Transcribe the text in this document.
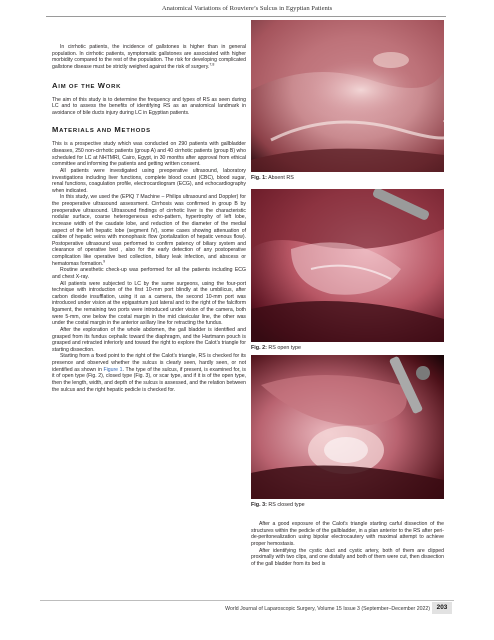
Anatomical Variations of Rouviere’s Sulcus in Egyptian Patients

In cirrhotic patients, the incidence of gallstones is higher than in general population. In cirrhotic patients, symptomatic gallstones are associated with higher morbidity compared to the rest of the population. The risk for developing complicated gallstone disease must be strictly weighed against the risk of surgery.$^{7,8}$

AIM OF THE WORK

The aim of this study is to determine the frequency and types of RS as seen during LC and to assess the benefits of identifying RS as an anatomical landmark in avoidance of bile ducts injury during LC in Egyptian patients.

MATERIALS AND METHODS

This is a prospective study which was conducted on 290 patients with gallbladder diseases, 250 non-cirrhotic patients (group A) and 40 cirrhotic patients (group B) who scheduled for LC at NHTMRI, Cairo, Egypt, in 30 months after approval from ethical committee and informing the patients and getting written consent.

All patients were investigated using preoperative ultrasound, laboratory investigations including liver functions, complete blood count (CBC), blood sugar, renal functions, coagulation profile, electrocardiogram (ECG), and echocardiography when indicated.

In this study, we used the (EPIQ 7 Machine – Philips ultrasound and Doppler) for the preoperative ultrasound assessment. Cirrhosis was confirmed in group B by preoperative ultrasound. Ultrasound findings of cirrhotic liver is the characteristic nodular surface, coarse heterogeneous echo-pattern, hypertrophy of left lobe, increase width of the caudate lobe, and reduction of the diameter of the medial aspect of the left hepatic lobe (segment IV), some cases showing attenuation of calibre of hepatic veins with monophasic flow (portalization of hepatic venous flow). Postoperative ultrasound was performed to confirm patency of biliary system and clearance of operative bed , also for the early detection of any postoperative complication like operative bed collection, biliary leak infection, and abscess or hematomas formation.$^9$

Routine anesthetic check-up was performed for all the patients including ECG and chest X-ray.

All patients were subjected to LC by the same surgeons, using the four-port technique with introduction of the first 10-mm port blindly at the umbilicus, after carbon dioxide insufflation, using it as a camera, the second 10-mm port was introduced under vision at the epigastrium just lateral and to the right of the falciform ligament, the remaining two ports were introduced under vision of the camera, both were 5-mm, one below the costal margin in the mid clavicular line, the other was under the costal margin in the anterior axillary line for retracting the fundus.

After the exploration of the whole abdomen, the gall bladder is identified and grasped from its fundus cephalic toward the diaphragm, and the Hartmann pouch is grasped and retracted inferiorly and toward the right to explore the Calot’s triangle for starting dissection.

Starting from a fixed point to the right of the Calot’s triangle, RS is checked for its presence and observed whether the sulcus is clearly seen, hardly seen, or not identified as shown in Figure 1. The type of the sulcus, if present, is examined for, is it of open type (Fig. 2), closed type (Fig. 3), or scar type, and if it is of the open type, then the length, width, and depth of the sulcus is assessed, and the relation between the sulcus and the right hepatic pedicle is checked for.

Fig. 1: Absent RS
Fig. 2: RS open type
Fig. 3: RS closed type

After a good exposure of the Calot’s triangle starting carful dissection of the structures within the pedicle of the gallbladder, in a plan anterior to the RS after peri-de-peritonealization using bipolar electrocautery with maximal attempt to achieve proper hemostasis.

After identifying the cystic duct and cystic artery, both of them are clipped proximally with two clips, and one distally and both of them were cut, then dissection of the gall bladder from its bed is

World Journal of Laparoscopic Surgery, Volume 15 Issue 3 (September–December 2022)	203
